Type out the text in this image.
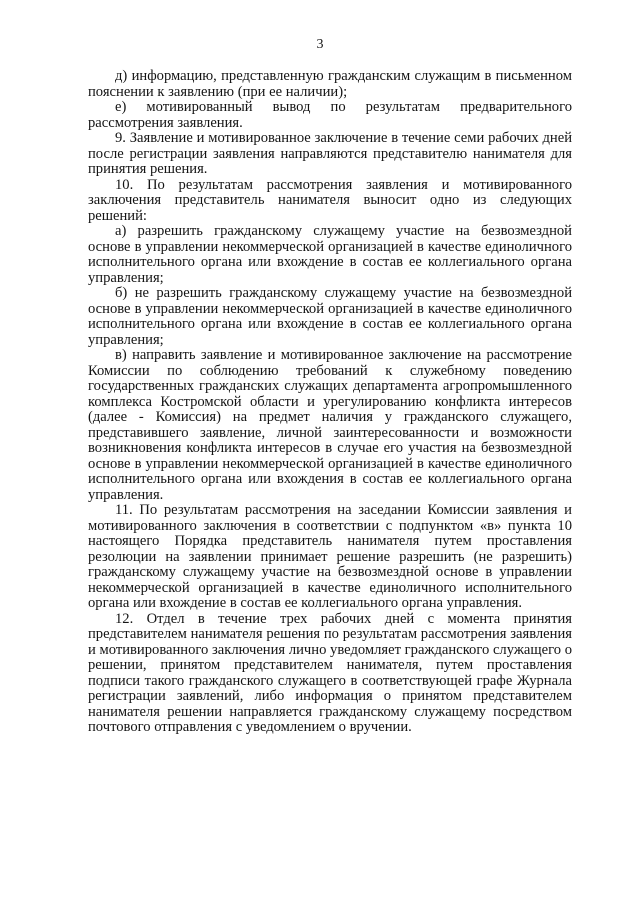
3

д) информацию, представленную гражданским служащим в письменном пояснении к заявлению (при ее наличии);

е) мотивированный вывод по результатам предварительного рассмотрения заявления.

9. Заявление и мотивированное заключение в течение семи рабочих дней после регистрации заявления направляются представителю нанимателя для принятия решения.

10. По результатам рассмотрения заявления и мотивированного заключения представитель нанимателя выносит одно из следующих решений:

а) разрешить гражданскому служащему участие на безвозмездной основе в управлении некоммерческой организацией в качестве единоличного исполнительного органа или вхождение в состав ее коллегиального органа управления;

б) не разрешить гражданскому служащему участие на безвозмездной основе в управлении некоммерческой организацией в качестве единоличного исполнительного органа или вхождение в состав ее коллегиального органа управления;

в) направить заявление и мотивированное заключение на рассмотрение Комиссии по соблюдению требований к служебному поведению государственных гражданских служащих департамента агропромышленного комплекса Костромской области и урегулированию конфликта интересов (далее - Комиссия) на предмет наличия у гражданского служащего, представившего заявление, личной заинтересованности и возможности возникновения конфликта интересов в случае его участия на безвозмездной основе в управлении некоммерческой организацией в качестве единоличного исполнительного органа или вхождения в состав ее коллегиального органа управления.

11. По результатам рассмотрения на заседании Комиссии заявления и мотивированного заключения в соответствии с подпунктом «в» пункта 10 настоящего Порядка представитель нанимателя путем проставления резолюции на заявлении принимает решение разрешить (не разрешить) гражданскому служащему участие на безвозмездной основе в управлении некоммерческой организацией в качестве единоличного исполнительного органа или вхождение в состав ее коллегиального органа управления.

12. Отдел в течение трех рабочих дней с момента принятия представителем нанимателя решения по результатам рассмотрения заявления и мотивированного заключения лично уведомляет гражданского служащего о решении, принятом представителем нанимателя, путем проставления подписи такого гражданского служащего в соответствующей графе Журнала регистрации заявлений, либо информация о принятом представителем нанимателя решении направляется гражданскому служащему посредством почтового отправления с уведомлением о вручении.
